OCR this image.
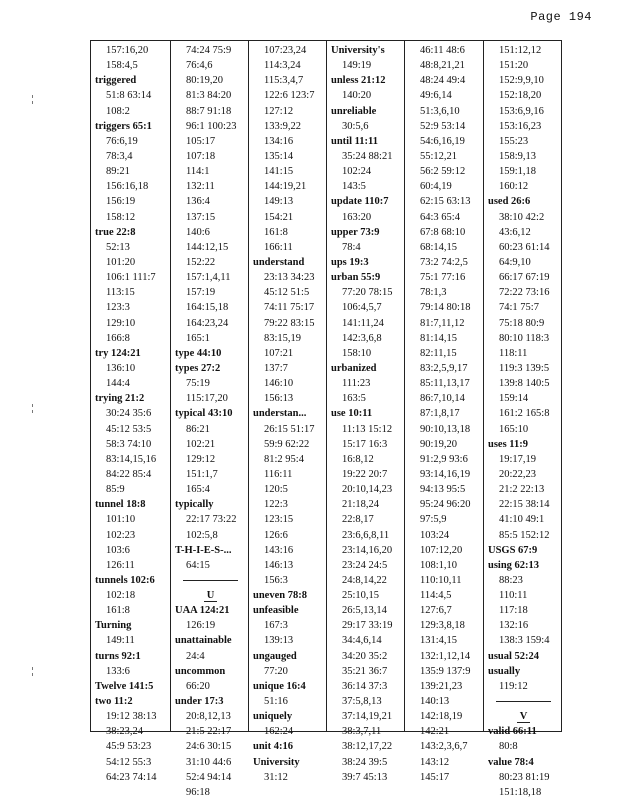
Page 194
157:16,20
158:4,5
triggered
51:8 63:14
108:2
triggers 65:1
76:6,19
78:3,4
89:21
156:16,18
156:19
158:12
true 22:8
52:13
101:20
106:1 111:7
113:15
123:3
129:10
166:8
try 124:21
136:10
144:4
trying 21:2
30:24 35:6
45:12 53:5
58:3 74:10
83:14,15,16
84:22 85:4
85:9
tunnel 18:8
101:10
102:23
103:6
126:11
tunnels 102:6
102:18
161:8
Turning
149:11
turns 92:1
133:6
Twelve 141:5
two 11:2
19:12 38:13
38:23,24
45:9 53:23
54:12 55:3
64:23 74:14
74:24 75:9
76:4,6
80:19,20
81:3 84:20
88:7 91:18
96:1 100:23
105:17
107:18
114:1
132:11
136:4
137:15
140:6
144:12,15
152:22
157:1,4,11
157:19
164:15,18
164:23,24
165:1
type 44:10
types 27:2
75:19
115:17,20
typical 43:10
86:21
102:21
129:12
151:1,7
165:4
typically
22:17 73:22
102:5,8
T-H-I-E-S-...
64:15
U
UAA 124:21
126:19
unattainable
24:4
uncommon
66:20
under 17:3
20:8,12,13
21:5 22:17
24:6 30:15
31:10 44:6
52:4 94:14
96:18
107:23,24
114:3,24
115:3,4,7
122:6 123:7
127:12
133:9,22
134:16
135:14
141:15
144:19,21
149:13
154:21
161:8
166:11
understand
23:13 34:23
45:12 51:5
74:11 75:17
79:22 83:15
83:15,19
107:21
137:7
146:10
156:13
understan...
26:15 51:17
59:9 62:22
81:2 95:4
116:11
120:5
122:3
123:15
126:6
143:16
146:13
156:3
uneven 78:8
unfeasible
167:3
139:13
ungauged
77:20
unique 16:4
51:16
uniquely
162:24
unit 4:16
University
31:12
University's
149:19
unless 21:12
140:20
unreliable
30:5,6
until 11:11
35:24 88:21
102:24
143:5
update 110:7
163:20
upper 73:9
78:4
ups 19:3
urban 55:9
77:20 78:15
106:4,5,7
141:11,24
142:3,6,8
158:10
urbanized
111:23
163:5
use 10:11
11:13 15:12
15:17 16:3
16:8,12
19:22 20:7
20:10,14,23
21:18,24
22:8,17
23:6,6,8,11
23:14,16,20
23:24 24:5
24:8,14,22
25:10,15
26:5,13,14
29:17 33:19
34:4,6,14
34:20 35:2
35:21 36:7
36:14 37:3
37:5,8,13
37:14,19,21
38:3,7,11
38:12,17,22
38:24 39:5
39:7 45:13
46:11 48:6
48:8,21,21
48:24 49:4
49:6,14
51:3,6,10
52:9 53:14
54:6,16,19
55:12,21
56:2 59:12
60:4,19
62:15 63:13
64:3 65:4
67:8 68:10
68:14,15
73:2 74:2,5
75:1 77:16
78:1,3
79:14 80:18
81:7,11,12
81:14,15
82:11,15
83:2,5,9,17
85:11,13,17
86:7,10,14
87:1,8,17
90:10,13,18
90:19,20
91:2,9 93:6
93:14,16,19
94:13 95:5
95:24 96:20
97:5,9
103:24
107:12,20
108:1,10
110:10,11
114:4,5
127:6,7
129:3,8,18
131:4,15
132:1,12,14
135:9 137:9
139:21,23
140:13
142:18,19
142:21
143:2,3,6,7
143:12
145:17
151:12,12
151:20
152:9,9,10
152:18,20
153:6,9,16
153:16,23
155:23
158:9,13
159:1,18
160:12
used 26:6
38:10 42:2
43:6,12
60:23 61:14
64:9,10
66:17 67:19
72:22 73:16
74:1 75:7
75:18 80:9
80:10 118:3
118:11
119:3 139:5
139:8 140:5
159:14
161:2 165:8
165:10
uses 11:9
19:17,19
20:22,23
21:2 22:13
22:15 38:14
41:10 49:1
85:5 152:12
USGS 67:9
using 62:13
88:23
110:11
117:18
132:16
138:3 159:4
usual 52:24
usually
119:12
V
valid 66:11
80:8
value 78:4
80:23 81:19
151:18,18
